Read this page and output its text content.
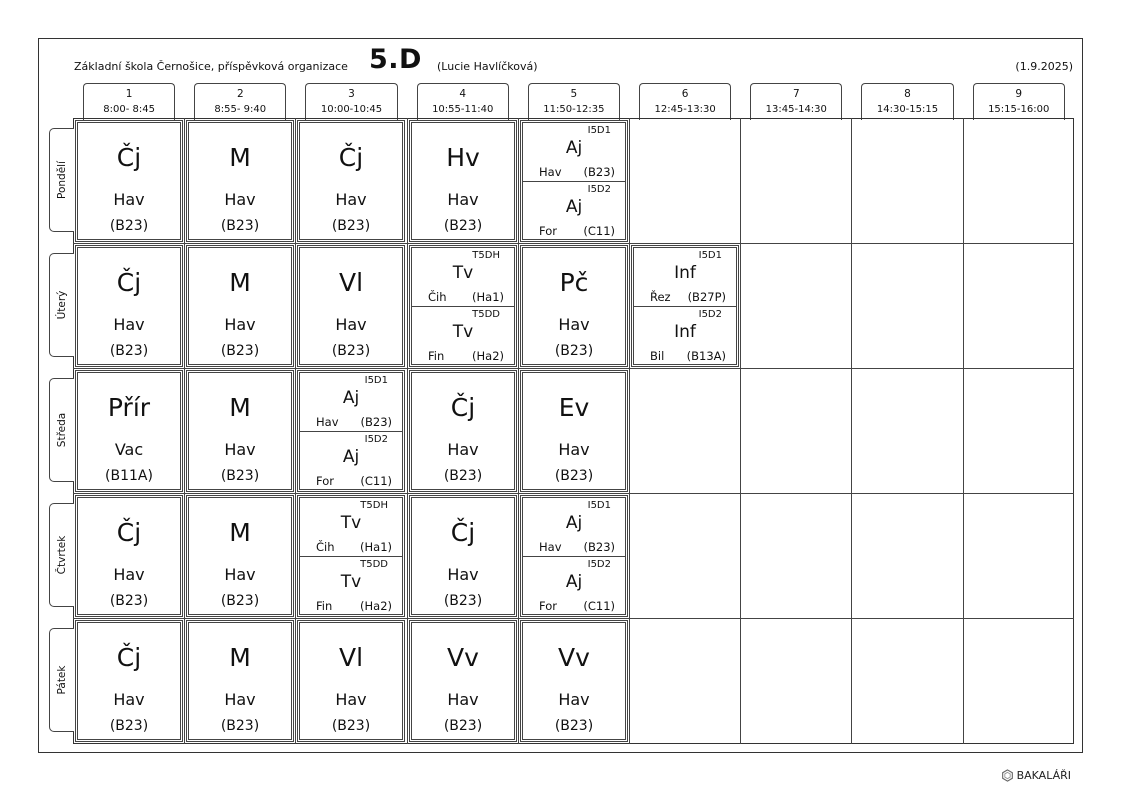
Základní škola Černošice, příspěvková organizace 5.D (Lucie Havlíčková)	(1.9.2025)
1
8:00- 8:45
2
8:55- 9:40
3
10:00-10:45
4
10:55-11:40
5
11:50-12:35
6
12:45-13:30
7
13:45-14:30
8
14:30-15:15
9
15:15-16:00
Pondělí
Úterý
Středa
Čtvrtek
Pátek
Čj
Hav
(B23)
M
Hav
(B23)
Čj
Hav
(B23)
Hv
Hav
(B23)
I5D1
Aj
Hav (B23)
I5D2
Aj
For (C11)
Čj
Hav
(B23)
M
Hav
(B23)
Vl
Hav
(B23)
T5DH
Tv
Čih (Ha1)
T5DD
Tv
Fin (Ha2)
Pč
Hav
(B23)
I5D1
Inf
Řez (B27P)
I5D2
Inf
Bil (B13A)
Přír
Vac
(B11A)
M
Hav
(B23)
I5D1
Aj
Hav (B23)
I5D2
Aj
For (C11)
Čj
Hav
(B23)
Ev
Hav
(B23)
Čj
Hav
(B23)
M
Hav
(B23)
T5DH
Tv
Čih (Ha1)
T5DD
Tv
Fin (Ha2)
Čj
Hav
(B23)
I5D1
Aj
Hav (B23)
I5D2
Aj
For (C11)
Čj
Hav
(B23)
M
Hav
(B23)
Vl
Hav
(B23)
Vv
Hav
(B23)
Vv
Hav
(B23)
BAKALÁŘI
